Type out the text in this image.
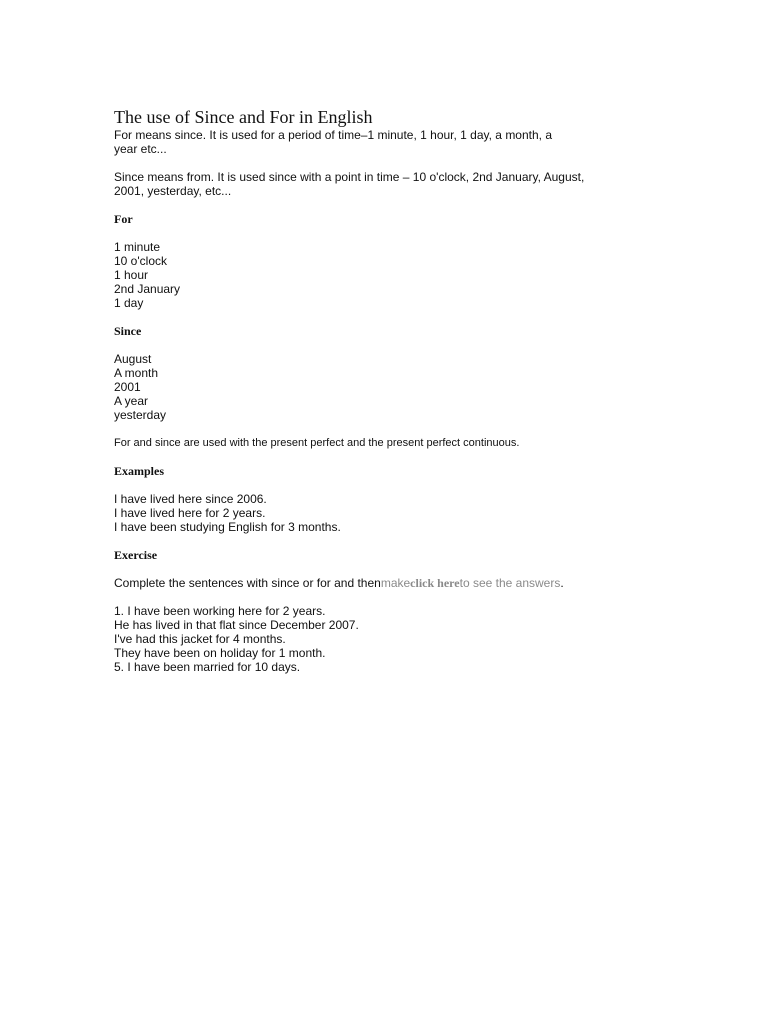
The use of Since and For in English

For means since. It is used for a period of time–1 minute, 1 hour, 1 day, a month, a year etc...

Since means from. It is used since with a point in time – 10 o'clock, 2nd January, August, 2001, yesterday, etc...

For

1 minute
10 o'clock
1 hour
2nd January
1 day

Since

August
A month
2001
A year
yesterday

For and since are used with the present perfect and the present perfect continuous.

Examples

I have lived here since 2006.
I have lived here for 2 years.
I have been studying English for 3 months.

Exercise

Complete the sentences with since or for and thenmakeclick hereto see the answers.

1. I have been working here for 2 years.
He has lived in that flat since December 2007.
I've had this jacket for 4 months.
They have been on holiday for 1 month.
5. I have been married for 10 days.
